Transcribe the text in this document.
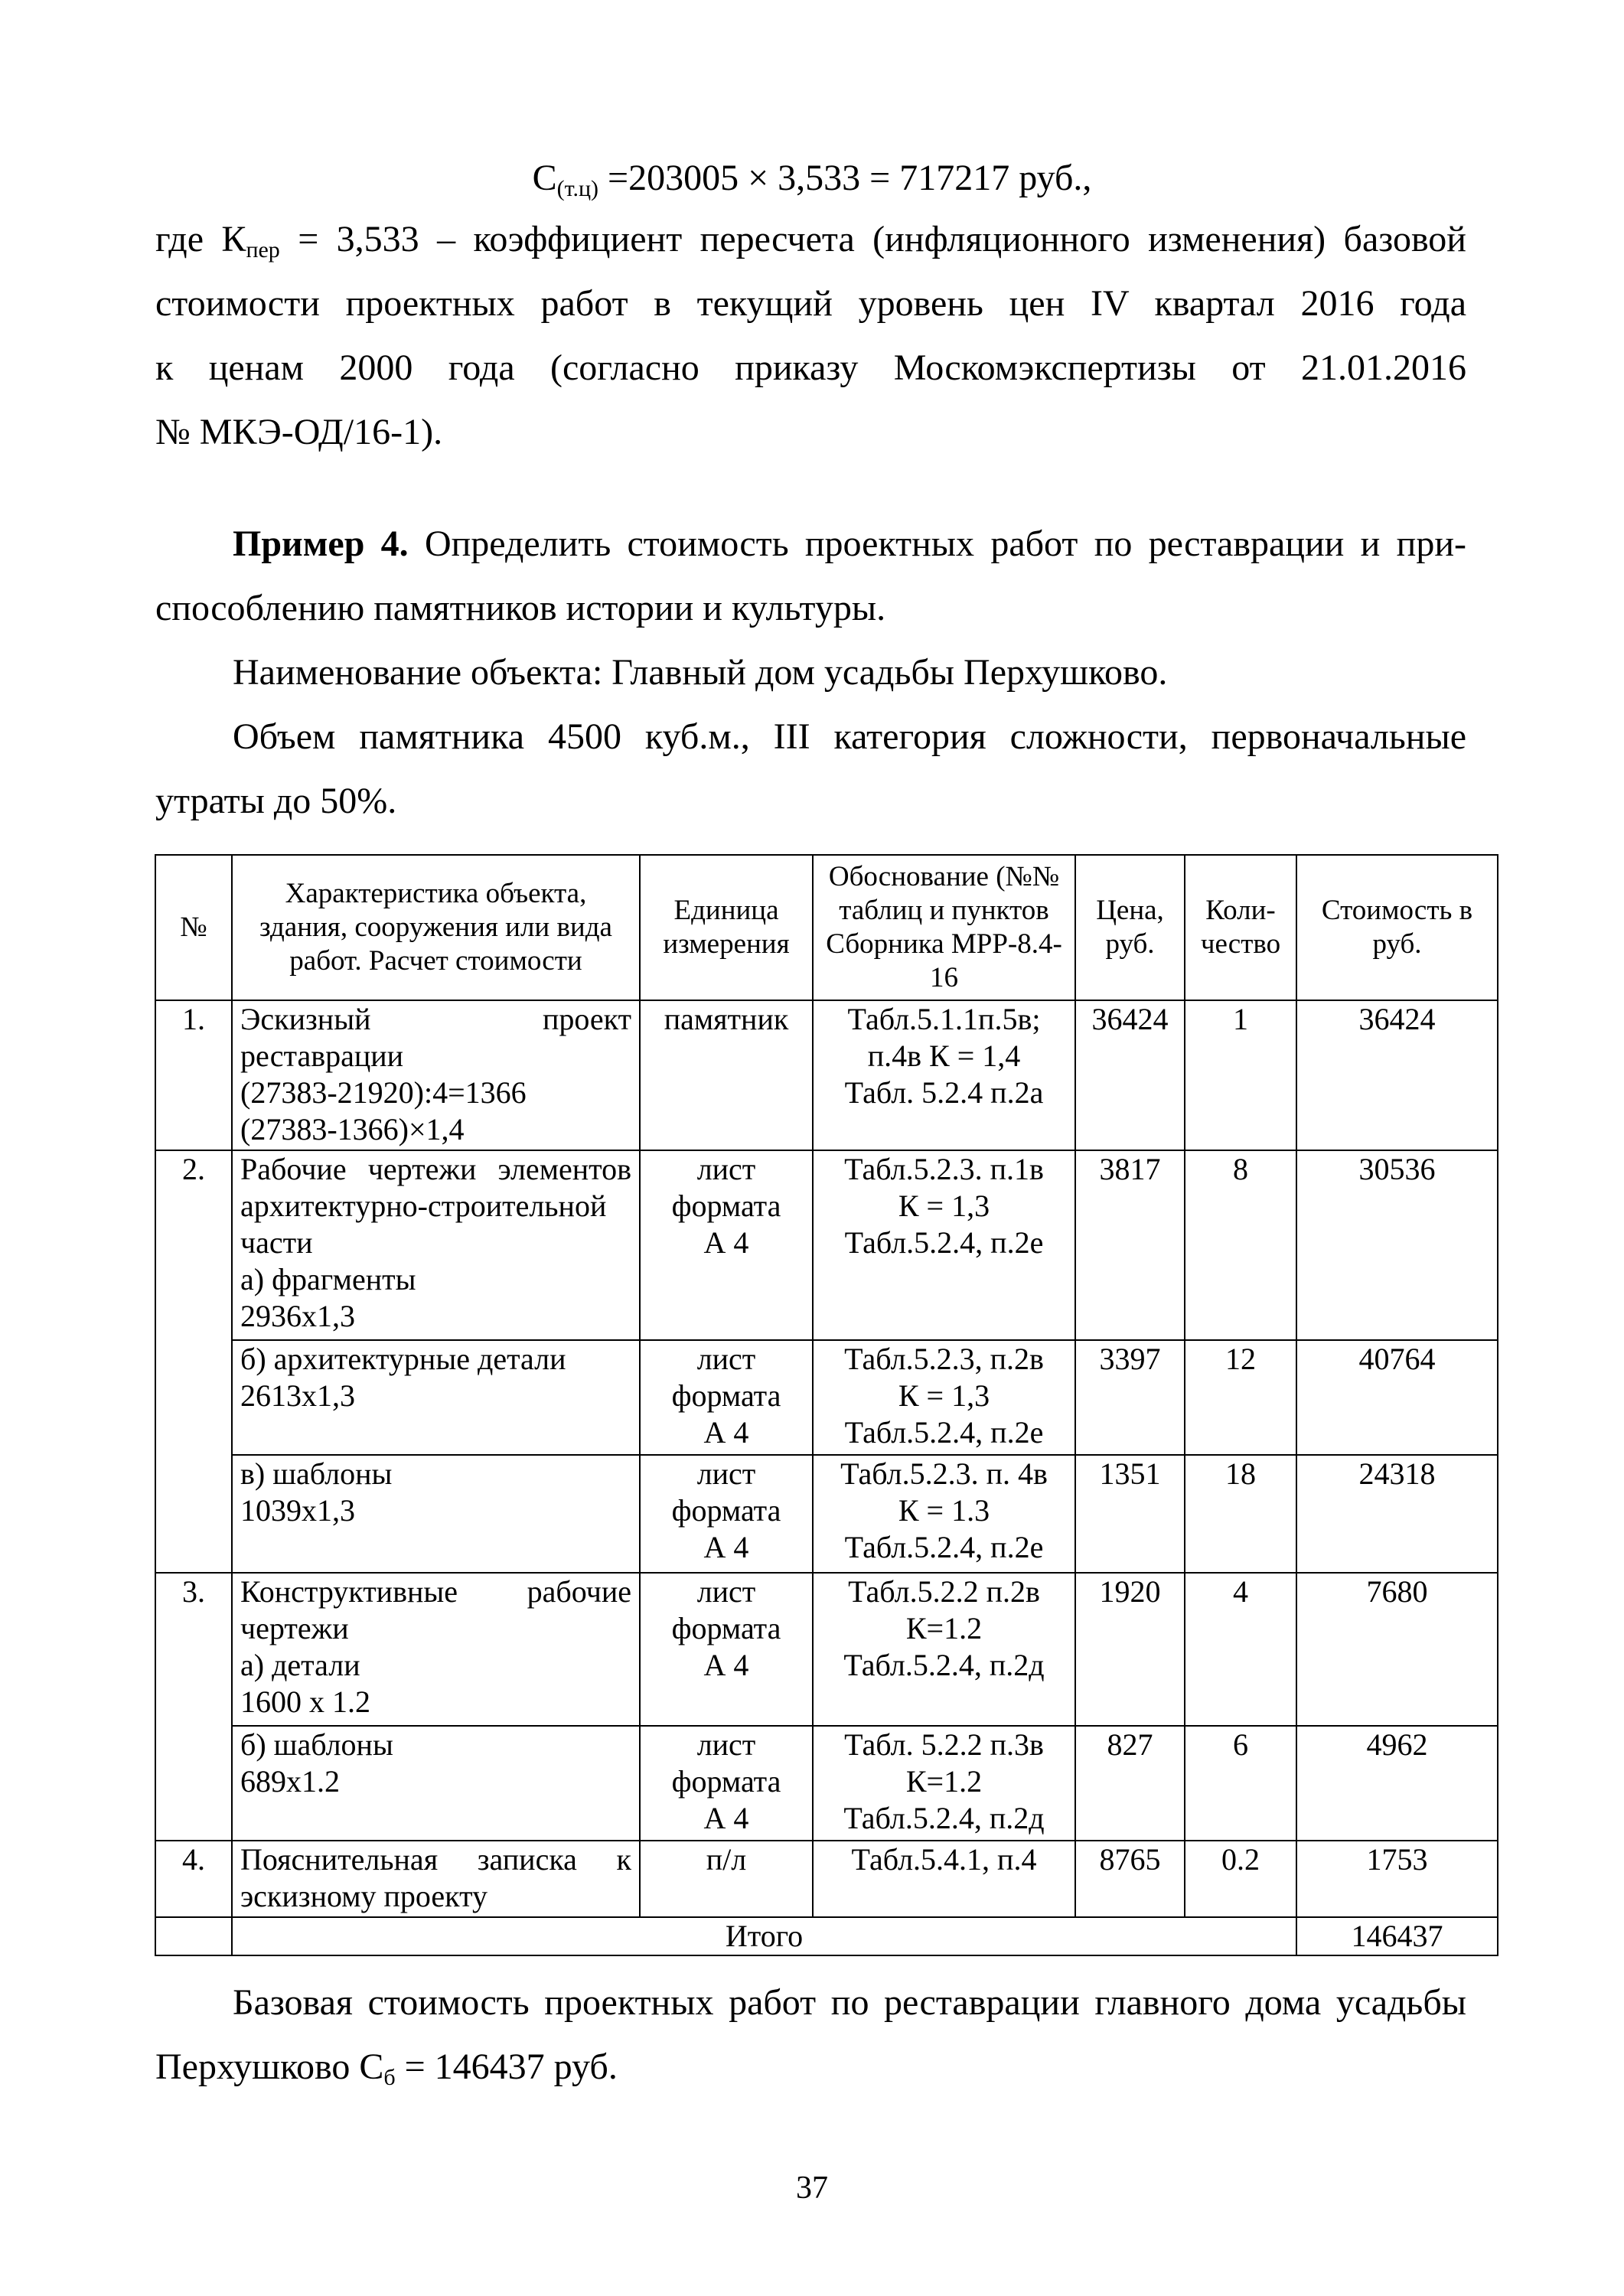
$С_{(т.ц)} =203005 \times 3,533 = 717217$ руб.,
где $К_{пер} = 3,533$ – коэффициент пересчета (инфляционного изменения) базовой
стоимости проектных работ в текущий уровень цен IV квартал 2016 года
к ценам 2000 года (согласно приказу Москомэкспертизы от 21.01.2016
№ МКЭ-ОД/16-1).
Пример 4. Определить стоимость проектных работ по реставрации и при-
способлению памятников истории и культуры.
Наименование объекта: Главный дом усадьбы Перхушково.
Объем памятника 4500 куб.м., III категория сложности, первоначальные
утраты до 50%.
№	Характеристика объекта, здания, сооружения или вида работ. Расчет стоимости	Единица измерения	Обоснование (№№ таблиц и пунктов Сборника МРР-8.4-16	Цена, руб.	Коли-чество	Стоимость в руб.
1.	Эскизный проект реставрации
(27383-21920):4=1366
(27383-1366)×1,4	памятник	Табл.5.1.1п.5в;
п.4в К = 1,4
Табл. 5.2.4 п.2а	36424	1	36424
2.	Рабочие чертежи элементов архитектурно-строительной части
а) фрагменты
2936х1,3	лист
формата
А 4	Табл.5.2.3. п.1в
К = 1,3
Табл.5.2.4, п.2е	3817	8	30536

	б) архитектурные детали
2613х1,3	лист
формата
А 4	Табл.5.2.3, п.2в
К = 1,3
Табл.5.2.4, п.2е	3397	12	40764

	в) шаблоны
1039х1,3	лист
формата
А 4	Табл.5.2.3. п. 4в
К = 1.3
Табл.5.2.4, п.2е	1351	18	24318
3.	Конструктивные рабочие чертежи
а) детали
1600 х 1.2	лист
формата
А 4	Табл.5.2.2 п.2в
К=1.2
Табл.5.2.4, п.2д	1920	4	7680

	б) шаблоны
689х1.2	лист
формата
А 4	Табл. 5.2.2 п.3в
К=1.2
Табл.5.2.4, п.2д	827	6	4962
4.	Пояснительная записка к эскизному проекту	п/л	Табл.5.4.1, п.4	8765	0.2	1753
	Итого					146437
Базовая стоимость проектных работ по реставрации главного дома усадьбы
Перхушково $С_б = 146437$ руб.
37
